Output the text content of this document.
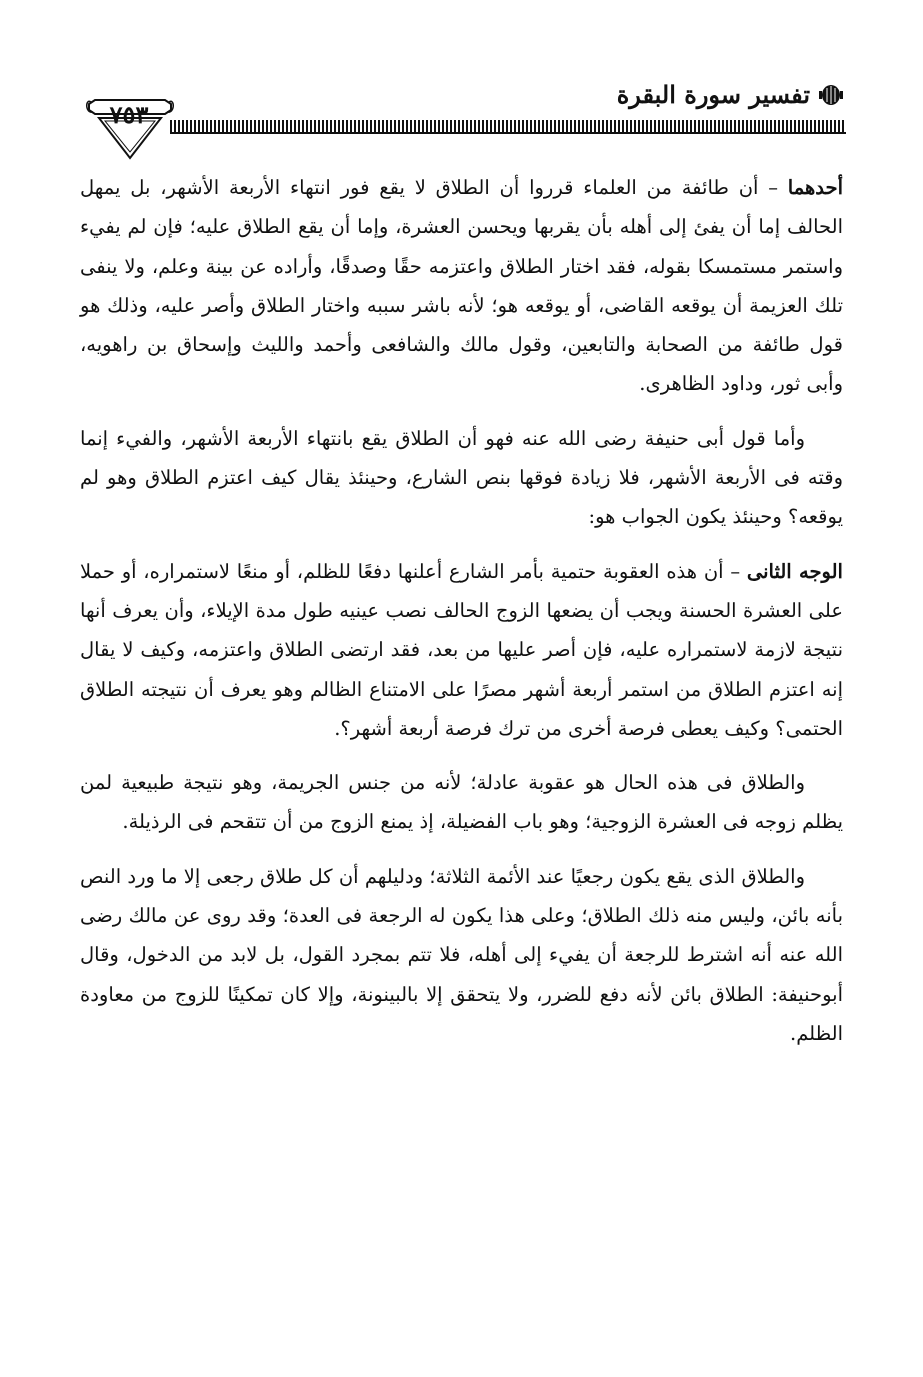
تفسير سورة البقرة
٧٥٣

أحدهما – أن طائفة من العلماء قرروا أن الطلاق لا يقع فور انتهاء الأربعة الأشهر، بل يمهل الحالف إما أن يفئ إلى أهله بأن يقربها ويحسن العشرة، وإما أن يقع الطلاق عليه؛ فإن لم يفيء واستمر مستمسكا بقوله، فقد اختار الطلاق واعتزمه حقًا وصدقًا، وأراده عن بينة وعلم، ولا ينفى تلك العزيمة أن يوقعه القاضى، أو يوقعه هو؛ لأنه باشر سببه واختار الطلاق وأصر عليه، وذلك هو قول طائفة من الصحابة والتابعين، وقول مالك والشافعى وأحمد والليث وإسحاق بن راهويه، وأبى ثور، وداود الظاهرى.

وأما قول أبى حنيفة رضى الله عنه فهو أن الطلاق يقع بانتهاء الأربعة الأشهر، والفيء إنما وقته فى الأربعة الأشهر، فلا زيادة فوقها بنص الشارع، وحينئذ يقال كيف اعتزم الطلاق وهو لم يوقعه؟ وحينئذ يكون الجواب هو:

الوجه الثانى – أن هذه العقوبة حتمية بأمر الشارع أعلنها دفعًا للظلم، أو منعًا لاستمراره، أو حملا على العشرة الحسنة ويجب أن يضعها الزوج الحالف نصب عينيه طول مدة الإيلاء، وأن يعرف أنها نتيجة لازمة لاستمراره عليه، فإن أصر عليها من بعد، فقد ارتضى الطلاق واعتزمه، وكيف لا يقال إنه اعتزم الطلاق من استمر أربعة أشهر مصرًا على الامتناع الظالم وهو يعرف أن نتيجته الطلاق الحتمى؟ وكيف يعطى فرصة أخرى من ترك فرصة أربعة أشهر؟.

والطلاق فى هذه الحال هو عقوبة عادلة؛ لأنه من جنس الجريمة، وهو نتيجة طبيعية لمن يظلم زوجه فى العشرة الزوجية؛ وهو باب الفضيلة، إذ يمنع الزوج من أن تتقحم فى الرذيلة.

والطلاق الذى يقع يكون رجعيًا عند الأئمة الثلاثة؛ ودليلهم أن كل طلاق رجعى إلا ما ورد النص بأنه بائن، وليس منه ذلك الطلاق؛ وعلى هذا يكون له الرجعة فى العدة؛ وقد روى عن مالك رضى الله عنه أنه اشترط للرجعة أن يفيء إلى أهله، فلا تتم بمجرد القول، بل لابد من الدخول، وقال أبوحنيفة: الطلاق بائن لأنه دفع للضرر، ولا يتحقق إلا بالبينونة، وإلا كان تمكينًا للزوج من معاودة الظلم.
